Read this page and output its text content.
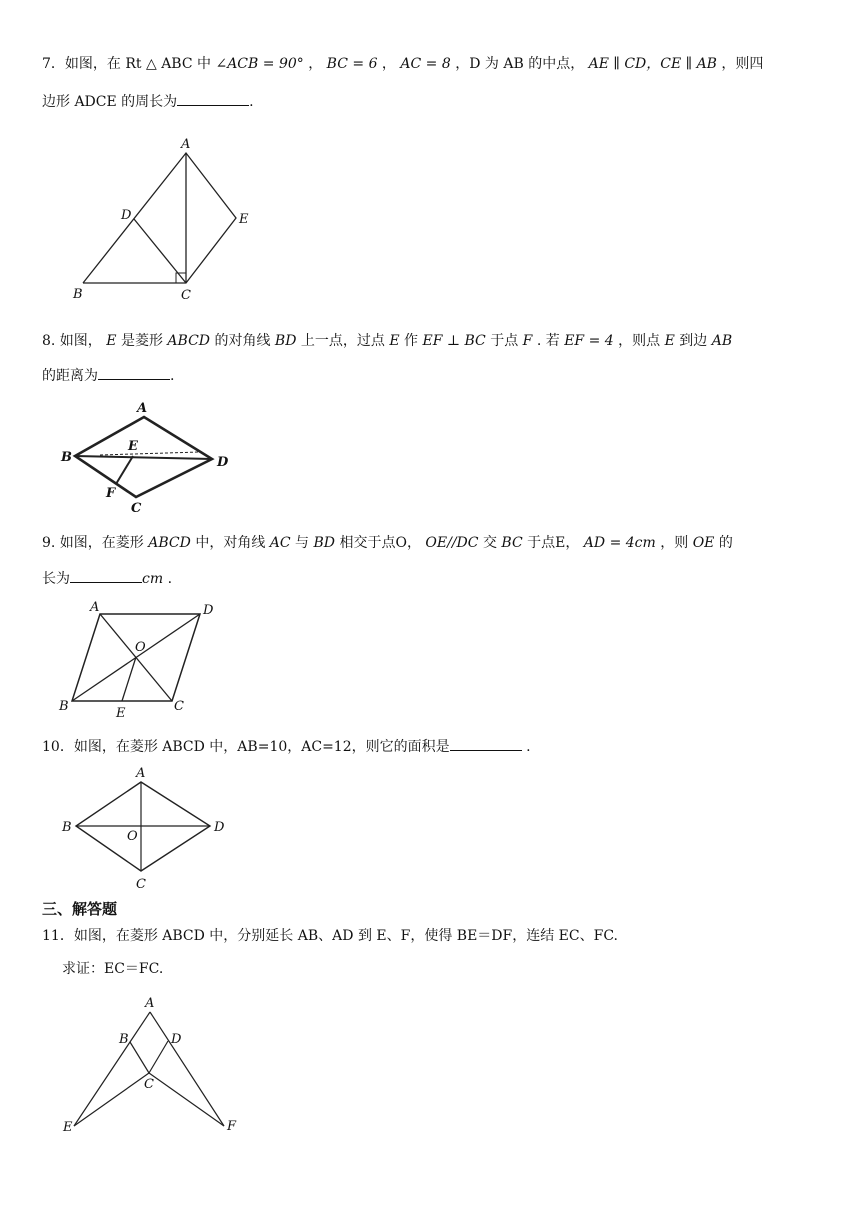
7．如图，在 Rt △ ABC 中 ∠ACB = 90° ， BC = 6 ， AC = 8 ，D 为 AB 的中点， AE ∥ CD，CE ∥ AB ，则四
边形 ADCE 的周长为	.
A
D	E
B	C
8. 如图， E 是菱形 ABCD 的对角线 BD 上一点，过点 E 作 EF ⊥ BC 于点 F . 若 EF = 4 ，则点 E 到边 AB
的距离为	.
A
B
E
D
F
C
9. 如图，在菱形 ABCD 中，对角线 AC 与 BD 相交于点O， OE//DC 交 BC 于点E， AD = 4cm ，则 OE 的
长为	cm .
A	D
O
B	E	C
10．如图，在菱形 ABCD 中，AB=10，AC=12，则它的面积是	.
A
B
O
D
C
三、解答题
11．如图，在菱形 ABCD 中，分别延长 AB、AD 到 E、F，使得 BE＝DF，连结 EC、FC.
求证：EC＝FC.
A
B	D
C
E	F
